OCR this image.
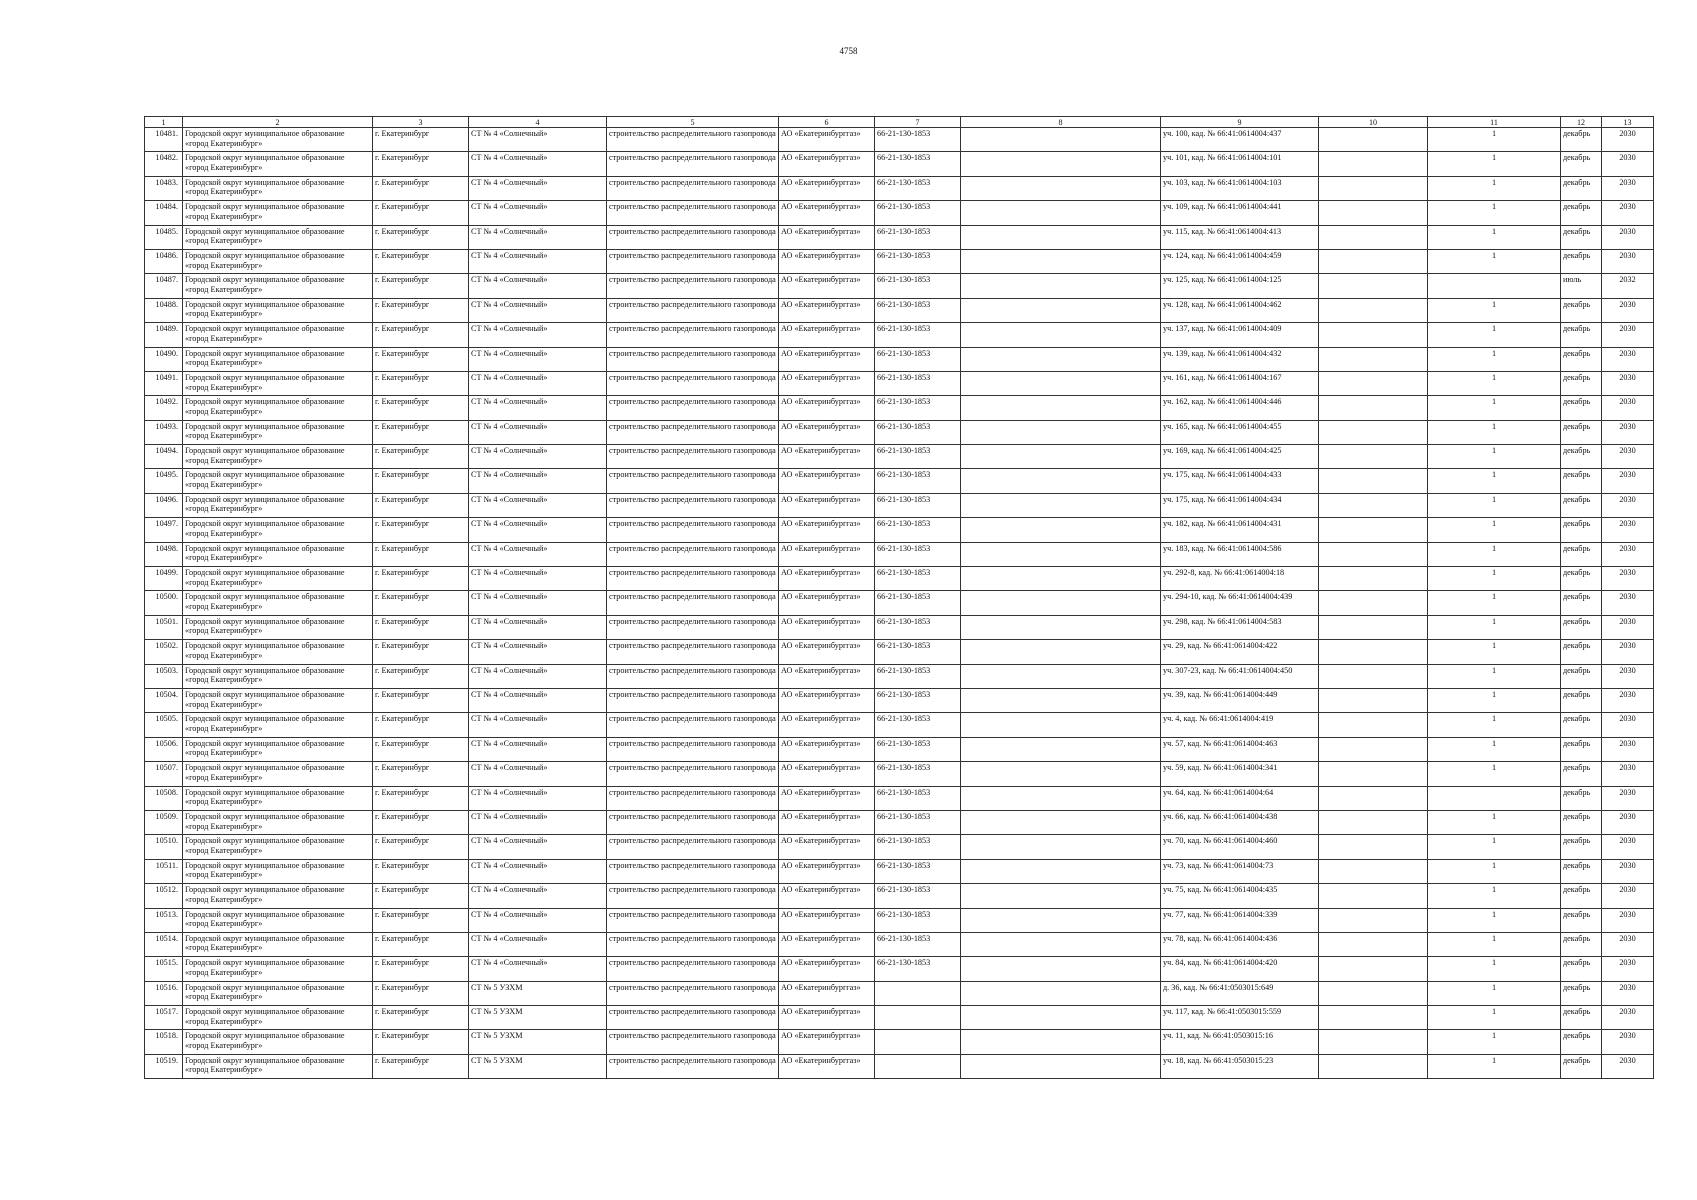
4758
1	2	3	4	5	6	7	8	9	10	11	12	13
10481.	Городской округ муниципальное образование «город Екатеринбург»	г. Екатеринбург	СТ № 4 «Солнечный»	строительство распределительного газопровода	АО «Екатеринбурггаз»	66-21-130-1853		уч. 100, кад. № 66:41:0614004:437		1	декабрь	2030
10482.	Городской округ муниципальное образование «город Екатеринбург»	г. Екатеринбург	СТ № 4 «Солнечный»	строительство распределительного газопровода	АО «Екатеринбурггаз»	66-21-130-1853		уч. 101, кад. № 66:41:0614004:101		1	декабрь	2030
10483.	Городской округ муниципальное образование «город Екатеринбург»	г. Екатеринбург	СТ № 4 «Солнечный»	строительство распределительного газопровода	АО «Екатеринбурггаз»	66-21-130-1853		уч. 103, кад. № 66:41:0614004:103		1	декабрь	2030
10484.	Городской округ муниципальное образование «город Екатеринбург»	г. Екатеринбург	СТ № 4 «Солнечный»	строительство распределительного газопровода	АО «Екатеринбурггаз»	66-21-130-1853		уч. 109, кад. № 66:41:0614004:441		1	декабрь	2030
10485.	Городской округ муниципальное образование «город Екатеринбург»	г. Екатеринбург	СТ № 4 «Солнечный»	строительство распределительного газопровода	АО «Екатеринбурггаз»	66-21-130-1853		уч. 115, кад. № 66:41:0614004:413		1	декабрь	2030
10486.	Городской округ муниципальное образование «город Екатеринбург»	г. Екатеринбург	СТ № 4 «Солнечный»	строительство распределительного газопровода	АО «Екатеринбурггаз»	66-21-130-1853		уч. 124, кад. № 66:41:0614004:459		1	декабрь	2030
10487.	Городской округ муниципальное образование «город Екатеринбург»	г. Екатеринбург	СТ № 4 «Солнечный»	строительство распределительного газопровода	АО «Екатеринбурггаз»	66-21-130-1853		уч. 125, кад. № 66:41:0614004:125			июль	2032
10488.	Городской округ муниципальное образование «город Екатеринбург»	г. Екатеринбург	СТ № 4 «Солнечный»	строительство распределительного газопровода	АО «Екатеринбурггаз»	66-21-130-1853		уч. 128, кад. № 66:41:0614004:462		1	декабрь	2030
10489.	Городской округ муниципальное образование «город Екатеринбург»	г. Екатеринбург	СТ № 4 «Солнечный»	строительство распределительного газопровода	АО «Екатеринбурггаз»	66-21-130-1853		уч. 137, кад. № 66:41:0614004:409		1	декабрь	2030
10490.	Городской округ муниципальное образование «город Екатеринбург»	г. Екатеринбург	СТ № 4 «Солнечный»	строительство распределительного газопровода	АО «Екатеринбурггаз»	66-21-130-1853		уч. 139, кад. № 66:41:0614004:432		1	декабрь	2030
10491.	Городской округ муниципальное образование «город Екатеринбург»	г. Екатеринбург	СТ № 4 «Солнечный»	строительство распределительного газопровода	АО «Екатеринбурггаз»	66-21-130-1853		уч. 161, кад. № 66:41:0614004:167		1	декабрь	2030
10492.	Городской округ муниципальное образование «город Екатеринбург»	г. Екатеринбург	СТ № 4 «Солнечный»	строительство распределительного газопровода	АО «Екатеринбурггаз»	66-21-130-1853		уч. 162, кад. № 66:41:0614004:446		1	декабрь	2030
10493.	Городской округ муниципальное образование «город Екатеринбург»	г. Екатеринбург	СТ № 4 «Солнечный»	строительство распределительного газопровода	АО «Екатеринбурггаз»	66-21-130-1853		уч. 165, кад. № 66:41:0614004:455		1	декабрь	2030
10494.	Городской округ муниципальное образование «город Екатеринбург»	г. Екатеринбург	СТ № 4 «Солнечный»	строительство распределительного газопровода	АО «Екатеринбурггаз»	66-21-130-1853		уч. 169, кад. № 66:41:0614004:425		1	декабрь	2030
10495.	Городской округ муниципальное образование «город Екатеринбург»	г. Екатеринбург	СТ № 4 «Солнечный»	строительство распределительного газопровода	АО «Екатеринбурггаз»	66-21-130-1853		уч. 175, кад. № 66:41:0614004:433		1	декабрь	2030
10496.	Городской округ муниципальное образование «город Екатеринбург»	г. Екатеринбург	СТ № 4 «Солнечный»	строительство распределительного газопровода	АО «Екатеринбурггаз»	66-21-130-1853		уч. 175, кад. № 66:41:0614004:434		1	декабрь	2030
10497.	Городской округ муниципальное образование «город Екатеринбург»	г. Екатеринбург	СТ № 4 «Солнечный»	строительство распределительного газопровода	АО «Екатеринбурггаз»	66-21-130-1853		уч. 182, кад. № 66:41:0614004:431		1	декабрь	2030
10498.	Городской округ муниципальное образование «город Екатеринбург»	г. Екатеринбург	СТ № 4 «Солнечный»	строительство распределительного газопровода	АО «Екатеринбурггаз»	66-21-130-1853		уч. 183, кад. № 66:41:0614004:586		1	декабрь	2030
10499.	Городской округ муниципальное образование «город Екатеринбург»	г. Екатеринбург	СТ № 4 «Солнечный»	строительство распределительного газопровода	АО «Екатеринбурггаз»	66-21-130-1853		уч. 292-8, кад. № 66:41:0614004:18		1	декабрь	2030
10500.	Городской округ муниципальное образование «город Екатеринбург»	г. Екатеринбург	СТ № 4 «Солнечный»	строительство распределительного газопровода	АО «Екатеринбурггаз»	66-21-130-1853		уч. 294-10, кад. № 66:41:0614004:439		1	декабрь	2030
10501.	Городской округ муниципальное образование «город Екатеринбург»	г. Екатеринбург	СТ № 4 «Солнечный»	строительство распределительного газопровода	АО «Екатеринбурггаз»	66-21-130-1853		уч. 298, кад. № 66:41:0614004:583		1	декабрь	2030
10502.	Городской округ муниципальное образование «город Екатеринбург»	г. Екатеринбург	СТ № 4 «Солнечный»	строительство распределительного газопровода	АО «Екатеринбурггаз»	66-21-130-1853		уч. 29, кад. № 66:41:0614004:422		1	декабрь	2030
10503.	Городской округ муниципальное образование «город Екатеринбург»	г. Екатеринбург	СТ № 4 «Солнечный»	строительство распределительного газопровода	АО «Екатеринбурггаз»	66-21-130-1853		уч. 307-23, кад. № 66:41:0614004:450		1	декабрь	2030
10504.	Городской округ муниципальное образование «город Екатеринбург»	г. Екатеринбург	СТ № 4 «Солнечный»	строительство распределительного газопровода	АО «Екатеринбурггаз»	66-21-130-1853		уч. 39, кад. № 66:41:0614004:449		1	декабрь	2030
10505.	Городской округ муниципальное образование «город Екатеринбург»	г. Екатеринбург	СТ № 4 «Солнечный»	строительство распределительного газопровода	АО «Екатеринбурггаз»	66-21-130-1853		уч. 4, кад. № 66:41:0614004:419		1	декабрь	2030
10506.	Городской округ муниципальное образование «город Екатеринбург»	г. Екатеринбург	СТ № 4 «Солнечный»	строительство распределительного газопровода	АО «Екатеринбурггаз»	66-21-130-1853		уч. 57, кад. № 66:41:0614004:463		1	декабрь	2030
10507.	Городской округ муниципальное образование «город Екатеринбург»	г. Екатеринбург	СТ № 4 «Солнечный»	строительство распределительного газопровода	АО «Екатеринбурггаз»	66-21-130-1853		уч. 59, кад. № 66:41:0614004:341		1	декабрь	2030
10508.	Городской округ муниципальное образование «город Екатеринбург»	г. Екатеринбург	СТ № 4 «Солнечный»	строительство распределительного газопровода	АО «Екатеринбурггаз»	66-21-130-1853		уч. 64, кад. № 66:41:0614004:64			декабрь	2030
10509.	Городской округ муниципальное образование «город Екатеринбург»	г. Екатеринбург	СТ № 4 «Солнечный»	строительство распределительного газопровода	АО «Екатеринбурггаз»	66-21-130-1853		уч. 66, кад. № 66:41:0614004:438		1	декабрь	2030
10510.	Городской округ муниципальное образование «город Екатеринбург»	г. Екатеринбург	СТ № 4 «Солнечный»	строительство распределительного газопровода	АО «Екатеринбурггаз»	66-21-130-1853		уч. 70, кад. № 66:41:0614004:460		1	декабрь	2030
10511.	Городской округ муниципальное образование «город Екатеринбург»	г. Екатеринбург	СТ № 4 «Солнечный»	строительство распределительного газопровода	АО «Екатеринбурггаз»	66-21-130-1853		уч. 73, кад. № 66:41:0614004:73		1	декабрь	2030
10512.	Городской округ муниципальное образование «город Екатеринбург»	г. Екатеринбург	СТ № 4 «Солнечный»	строительство распределительного газопровода	АО «Екатеринбурггаз»	66-21-130-1853		уч. 75, кад. № 66:41:0614004:435		1	декабрь	2030
10513.	Городской округ муниципальное образование «город Екатеринбург»	г. Екатеринбург	СТ № 4 «Солнечный»	строительство распределительного газопровода	АО «Екатеринбурггаз»	66-21-130-1853		уч. 77, кад. № 66:41:0614004:339		1	декабрь	2030
10514.	Городской округ муниципальное образование «город Екатеринбург»	г. Екатеринбург	СТ № 4 «Солнечный»	строительство распределительного газопровода	АО «Екатеринбурггаз»	66-21-130-1853		уч. 78, кад. № 66:41:0614004:436		1	декабрь	2030
10515.	Городской округ муниципальное образование «город Екатеринбург»	г. Екатеринбург	СТ № 4 «Солнечный»	строительство распределительного газопровода	АО «Екатеринбурггаз»	66-21-130-1853		уч. 84, кад. № 66:41:0614004:420		1	декабрь	2030
10516.	Городской округ муниципальное образование «город Екатеринбург»	г. Екатеринбург	СТ № 5 УЗХМ	строительство распределительного газопровода	АО «Екатеринбурггаз»			д. 36, кад. № 66:41:0503015:649		1	декабрь	2030
10517.	Городской округ муниципальное образование «город Екатеринбург»	г. Екатеринбург	СТ № 5 УЗХМ	строительство распределительного газопровода	АО «Екатеринбурггаз»			уч. 117, кад. № 66:41:0503015:559		1	декабрь	2030
10518.	Городской округ муниципальное образование «город Екатеринбург»	г. Екатеринбург	СТ № 5 УЗХМ	строительство распределительного газопровода	АО «Екатеринбурггаз»			уч. 11, кад. № 66:41:0503015:16		1	декабрь	2030
10519.	Городской округ муниципальное образование «город Екатеринбург»	г. Екатеринбург	СТ № 5 УЗХМ	строительство распределительного газопровода	АО «Екатеринбурггаз»			уч. 18, кад. № 66:41:0503015:23		1	декабрь	2030
